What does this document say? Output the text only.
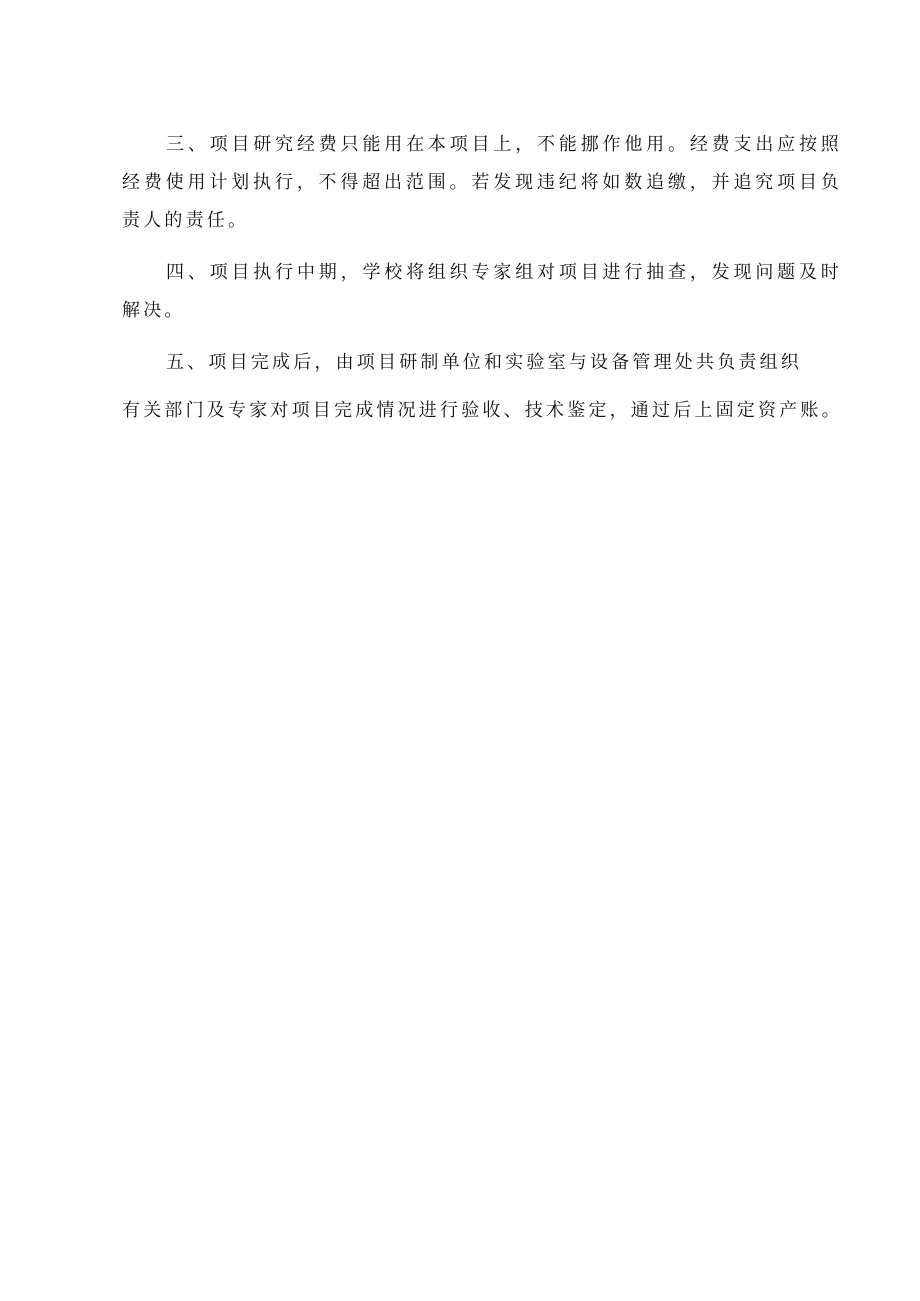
三、项目研究经费只能用在本项目上，不能挪作他用。经费支出应按照经费使用计划执行，不得超出范围。若发现违纪将如数追缴，并追究项目负责人的责任。

四、项目执行中期，学校将组织专家组对项目进行抽查，发现问题及时解决。

五、项目完成后，由项目研制单位和实验室与设备管理处共负责组织
有关部门及专家对项目完成情况进行验收、技术鉴定，通过后上固定资产账。
